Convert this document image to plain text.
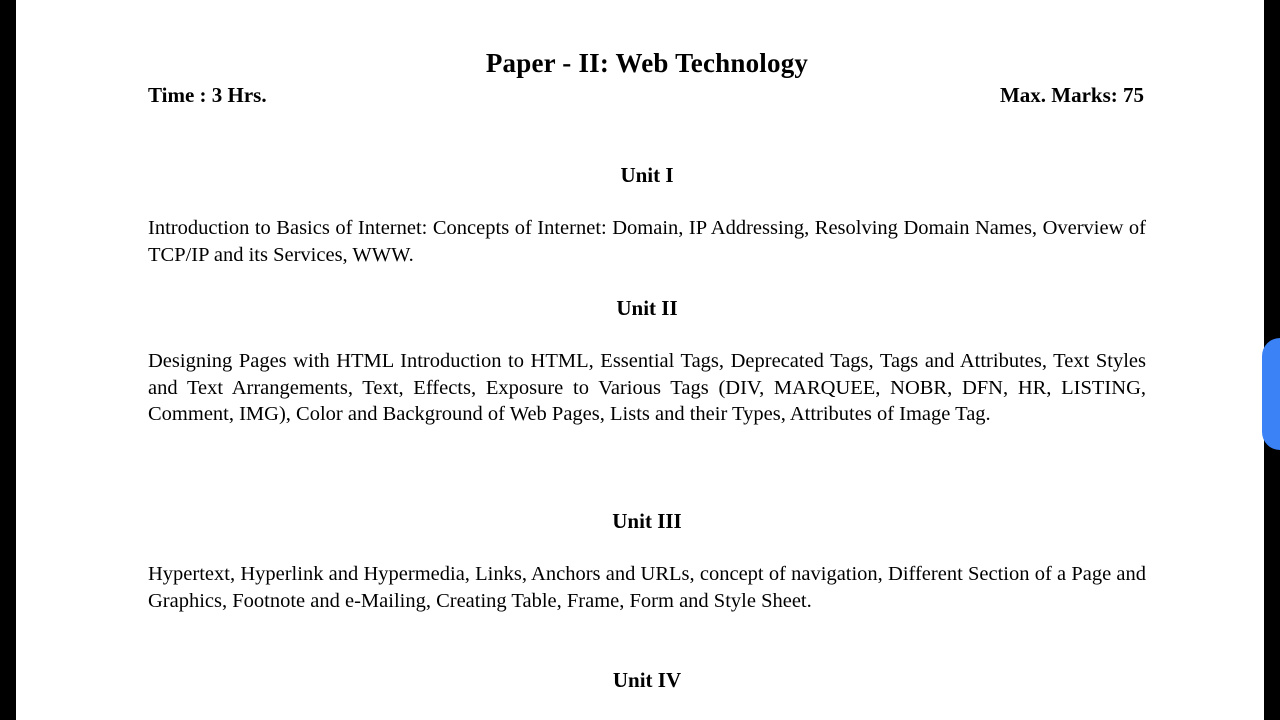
Paper - II: Web Technology
Time : 3 Hrs.	Max. Marks: 75
Unit I
Introduction to Basics of Internet: Concepts of Internet: Domain, IP Addressing, Resolving Domain Names, Overview of TCP/IP and its Services, WWW.
Unit II
Designing Pages with HTML Introduction to HTML, Essential Tags, Deprecated Tags, Tags and Attributes, Text Styles and Text Arrangements, Text, Effects, Exposure to Various Tags (DIV, MARQUEE, NOBR, DFN, HR, LISTING, Comment, IMG), Color and Background of Web Pages, Lists and their Types, Attributes of Image Tag.
Unit III
Hypertext, Hyperlink and Hypermedia, Links, Anchors and URLs, concept of navigation, Different Section of a Page and Graphics, Footnote and e-Mailing, Creating Table, Frame, Form and Style Sheet.
Unit IV
